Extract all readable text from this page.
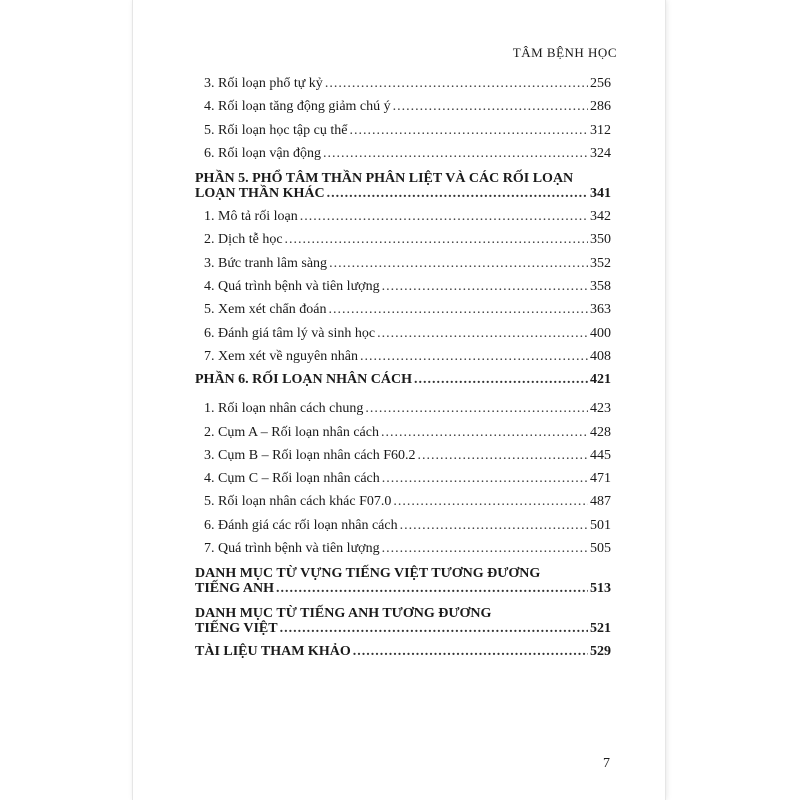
TÂM BỆNH HỌC
3. Rối loạn phổ tự kỷ .....	256
4. Rối loạn tăng động giảm chú ý .....	286
5. Rối loạn học tập cụ thể .....	312
6. Rối loạn vận động .....	324
PHẦN 5. PHỔ TÂM THẦN PHÂN LIỆT VÀ CÁC RỐI LOẠN
LOẠN THẦN KHÁC .....	341
1. Mô tả rối loạn .....	342
2. Dịch tễ học .....	350
3. Bức tranh lâm sàng .....	352
4. Quá trình bệnh và tiên lượng .....	358
5. Xem xét chẩn đoán .....	363
6. Đánh giá tâm lý và sinh học .....	400
7. Xem xét về nguyên nhân .....	408
PHẦN 6. RỐI LOẠN NHÂN CÁCH .....	421
1. Rối loạn nhân cách chung .....	423
2. Cụm A – Rối loạn nhân cách .....	428
3. Cụm B – Rối loạn nhân cách F60.2 .....	445
4. Cụm C – Rối loạn nhân cách .....	471
5. Rối loạn nhân cách khác F07.0 .....	487
6. Đánh giá các rối loạn nhân cách .....	501
7. Quá trình bệnh và tiên lượng .....	505
DANH MỤC TỪ VỰNG TIẾNG VIỆT TƯƠNG ĐƯƠNG
TIẾNG ANH .....	513
DANH MỤC TỪ TIẾNG ANH TƯƠNG ĐƯƠNG
TIẾNG VIỆT .....	521
TÀI LIỆU THAM KHẢO .....	529
7
